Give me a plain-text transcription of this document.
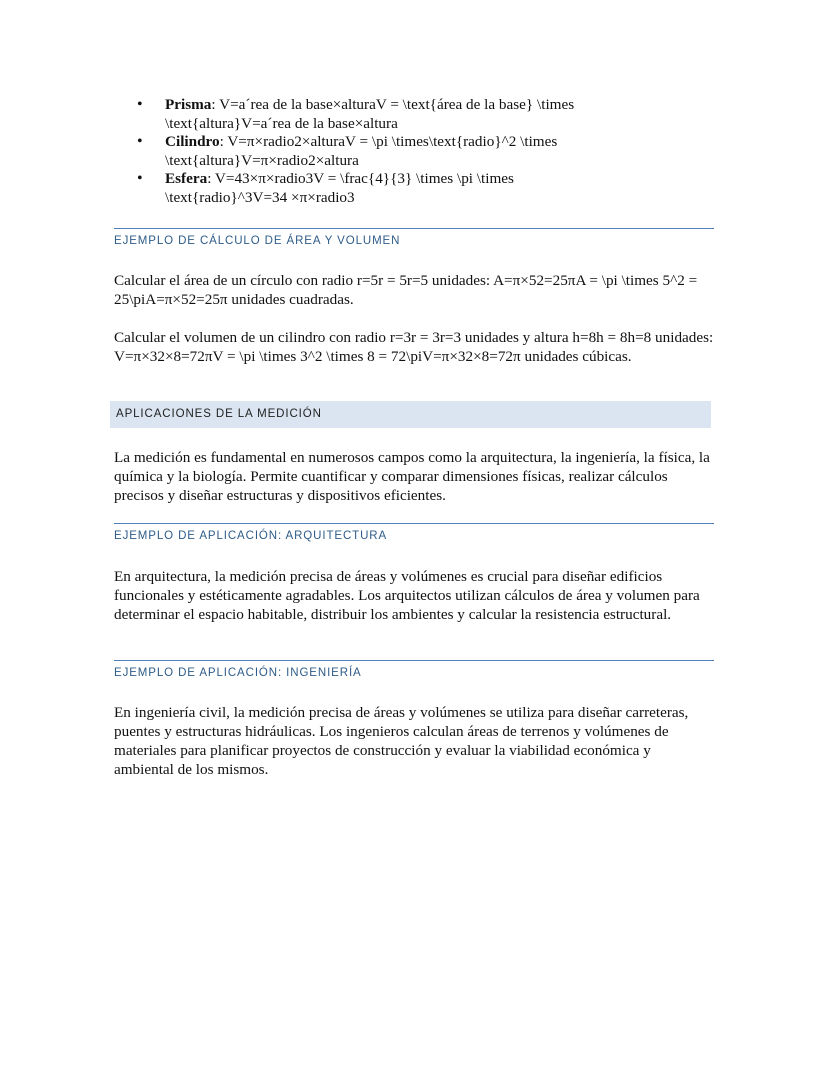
• Prisma: V=a´rea de la base×alturaV = \text{área de la base} \times \text{altura}V=a´rea de la base×altura
• Cilindro: V=π×radio2×alturaV = \pi \times\text{radio}^2 \times \text{altura}V=π×radio2×altura
• Esfera: V=43×π×radio3V = \frac{4}{3} \times \pi \times \text{radio}^3V=34 ×π×radio3
EJEMPLO DE CÁLCULO DE ÁREA Y VOLUMEN

Calcular el área de un círculo con radio r=5r = 5r=5 unidades: A=π×52=25πA = \pi \times 5^2 = 25\piA=π×52=25π unidades cuadradas.

Calcular el volumen de un cilindro con radio r=3r = 3r=3 unidades y altura h=8h = 8h=8 unidades: V=π×32×8=72πV = \pi \times 3^2 \times 8 = 72\piV=π×32×8=72π unidades cúbicas.

APLICACIONES DE LA MEDICIÓN

La medición es fundamental en numerosos campos como la arquitectura, la ingeniería, la física, la química y la biología. Permite cuantificar y comparar dimensiones físicas, realizar cálculos precisos y diseñar estructuras y dispositivos eficientes.

EJEMPLO DE APLICACIÓN: ARQUITECTURA

En arquitectura, la medición precisa de áreas y volúmenes es crucial para diseñar edificios funcionales y estéticamente agradables. Los arquitectos utilizan cálculos de área y volumen para determinar el espacio habitable, distribuir los ambientes y calcular la resistencia estructural.

EJEMPLO DE APLICACIÓN: INGENIERÍA

En ingeniería civil, la medición precisa de áreas y volúmenes se utiliza para diseñar carreteras, puentes y estructuras hidráulicas. Los ingenieros calculan áreas de terrenos y volúmenes de materiales para planificar proyectos de construcción y evaluar la viabilidad económica y ambiental de los mismos.
